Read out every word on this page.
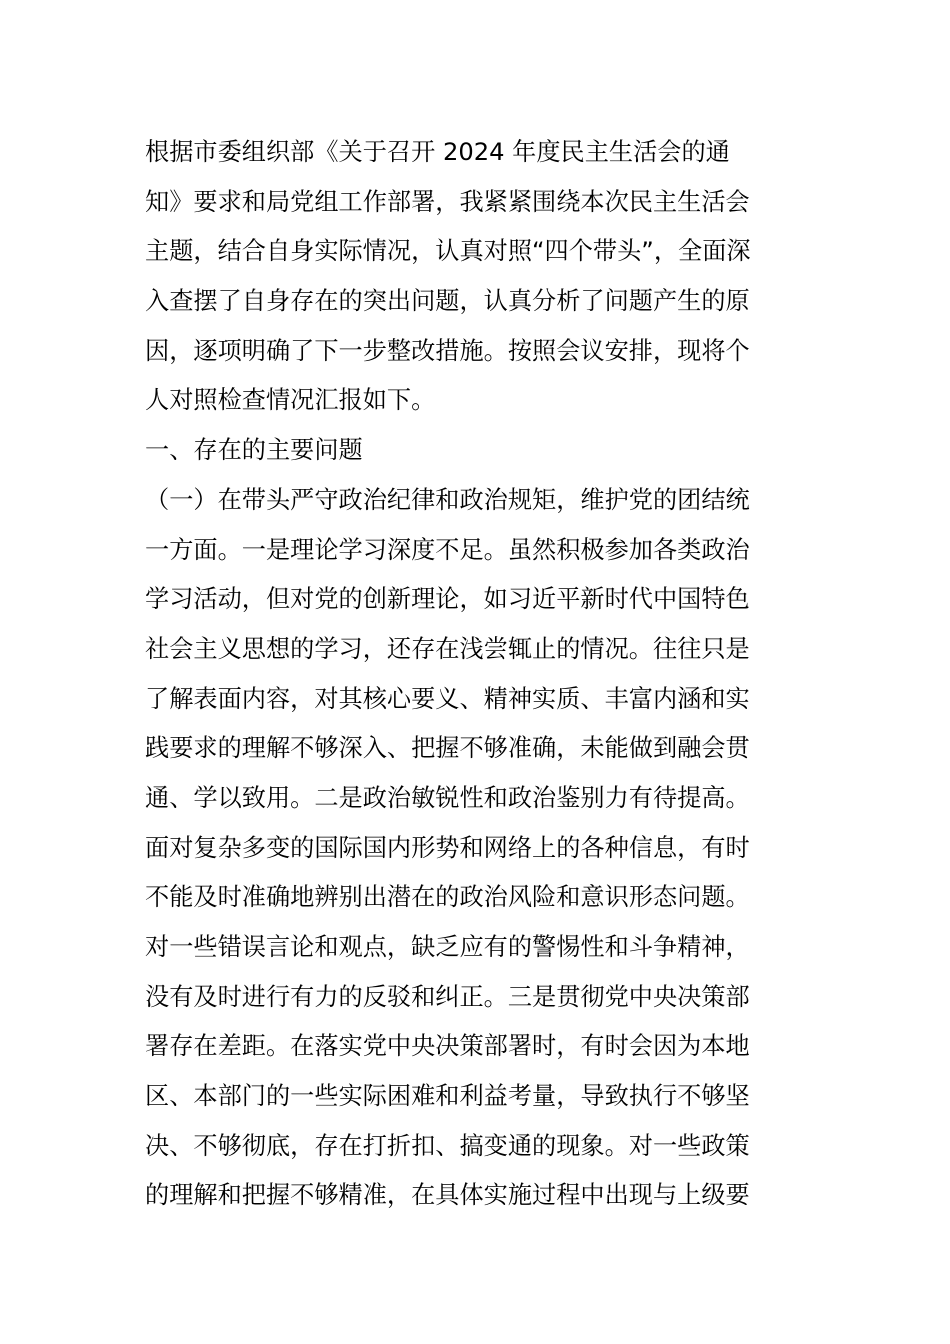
根据市委组织部《关于召开 2024 年度民主生活会的通
知》要求和局党组工作部署，我紧紧围绕本次民主生活会
主题，结合自身实际情况，认真对照“四个带头”，全面深
入查摆了自身存在的突出问题，认真分析了问题产生的原
因，逐项明确了下一步整改措施。按照会议安排，现将个
人对照检查情况汇报如下。
一、存在的主要问题
（一）在带头严守政治纪律和政治规矩，维护党的团结统
一方面。一是理论学习深度不足。虽然积极参加各类政治
学习活动，但对党的创新理论，如习近平新时代中国特色
社会主义思想的学习，还存在浅尝辄止的情况。往往只是
了解表面内容，对其核心要义、精神实质、丰富内涵和实
践要求的理解不够深入、把握不够准确，未能做到融会贯
通、学以致用。二是政治敏锐性和政治鉴别力有待提高。
面对复杂多变的国际国内形势和网络上的各种信息，有时
不能及时准确地辨别出潜在的政治风险和意识形态问题。
对一些错误言论和观点，缺乏应有的警惕性和斗争精神，
没有及时进行有力的反驳和纠正。三是贯彻党中央决策部
署存在差距。在落实党中央决策部署时，有时会因为本地
区、本部门的一些实际困难和利益考量，导致执行不够坚
决、不够彻底，存在打折扣、搞变通的现象。对一些政策
的理解和把握不够精准，在具体实施过程中出现与上级要
